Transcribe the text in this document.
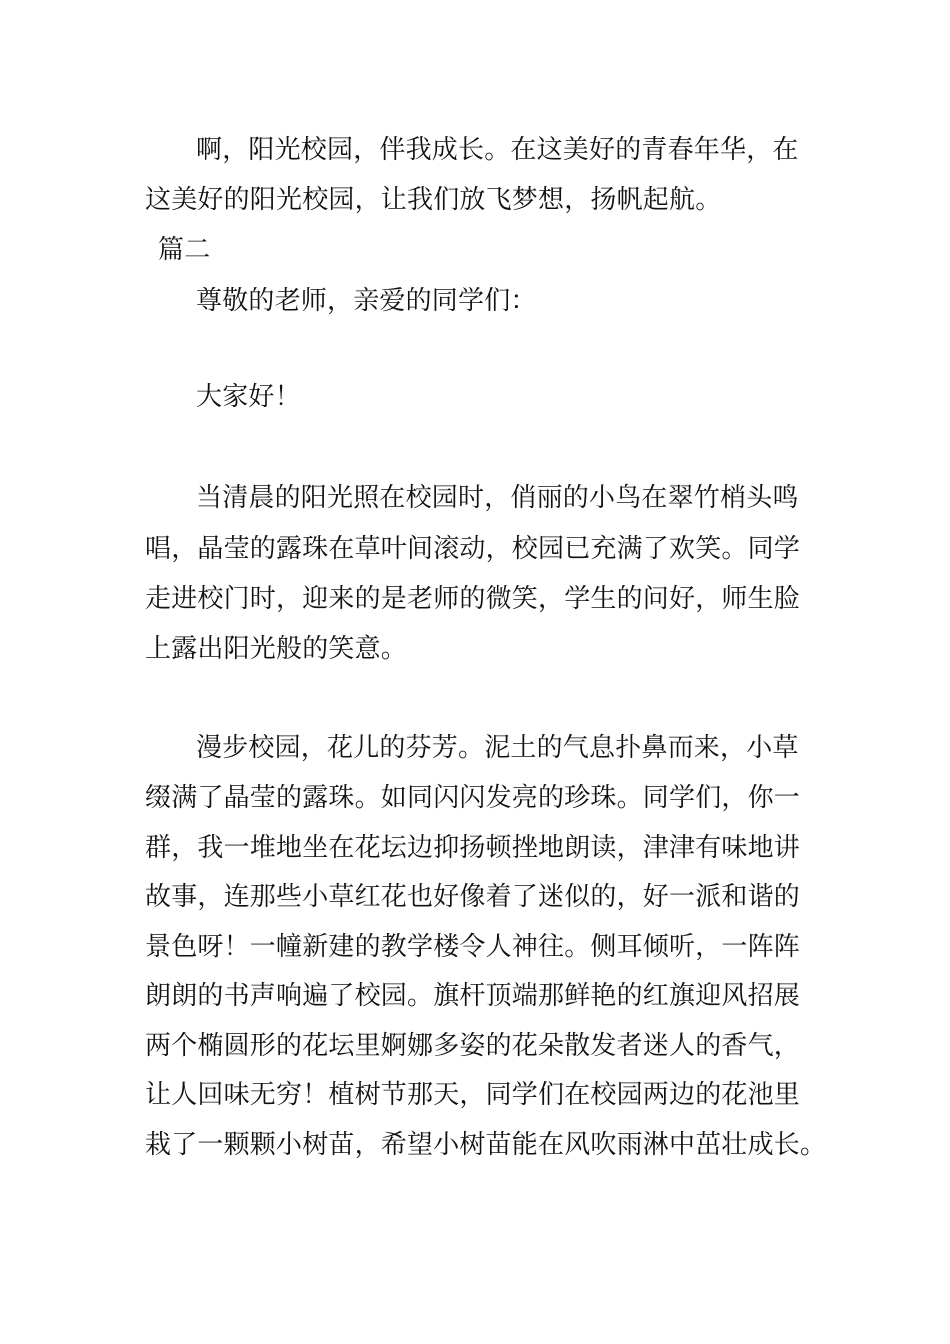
啊，阳光校园，伴我成长。在这美好的青春年华，在
这美好的阳光校园，让我们放飞梦想，扬帆起航。
篇二
尊敬的老师，亲爱的同学们：
大家好！
当清晨的阳光照在校园时，俏丽的小鸟在翠竹梢头鸣
唱，晶莹的露珠在草叶间滚动，校园已充满了欢笑。同学
走进校门时，迎来的是老师的微笑，学生的问好，师生脸
上露出阳光般的笑意。
漫步校园，花儿的芬芳。泥土的气息扑鼻而来，小草
缀满了晶莹的露珠。如同闪闪发亮的珍珠。同学们，你一
群，我一堆地坐在花坛边抑扬顿挫地朗读，津津有味地讲
故事，连那些小草红花也好像着了迷似的，好一派和谐的
景色呀！一幢新建的教学楼令人神往。侧耳倾听，一阵阵
朗朗的书声响遍了校园。旗杆顶端那鲜艳的红旗迎风招展
两个椭圆形的花坛里婀娜多姿的花朵散发者迷人的香气，
让人回味无穷！植树节那天，同学们在校园两边的花池里
栽了一颗颗小树苗，希望小树苗能在风吹雨淋中茁壮成长。
